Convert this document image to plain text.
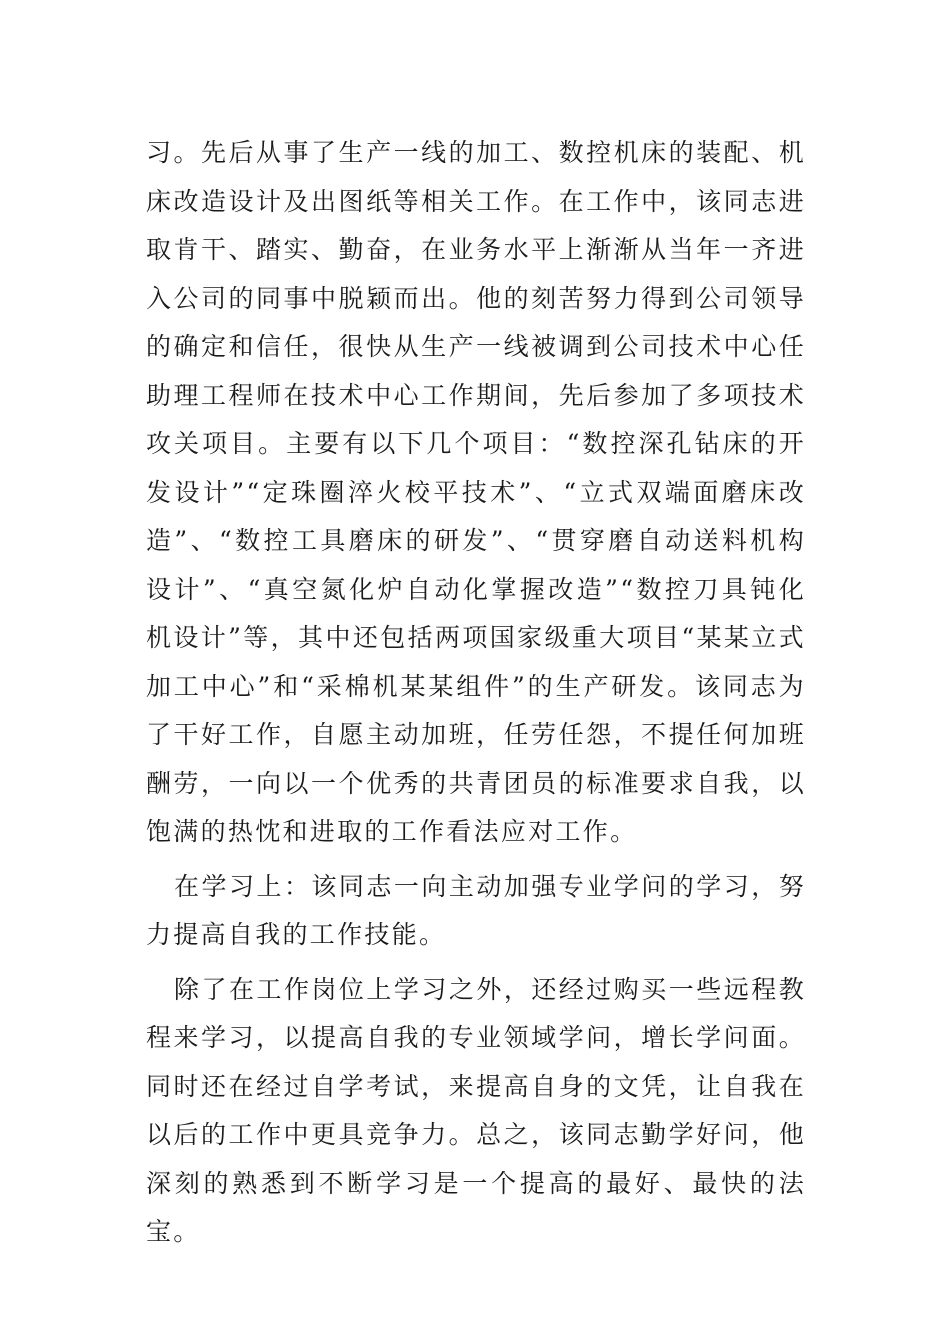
习。先后从事了生产一线的加工、数控机床的装配、机床改造设计及出图纸等相关工作。在工作中，该同志进取肯干、踏实、勤奋，在业务水平上渐渐从当年一齐进入公司的同事中脱颖而出。他的刻苦努力得到公司领导的确定和信任，很快从生产一线被调到公司技术中心任助理工程师在技术中心工作期间，先后参加了多项技术攻关项目。主要有以下几个项目：“数控深孔钻床的开发设计”“定珠圈淬火校平技术”、“立式双端面磨床改造”、“数控工具磨床的研发”、“贯穿磨自动送料机构设计”、“真空氮化炉自动化掌握改造”“数控刀具钝化机设计”等，其中还包括两项国家级重大项目“某某立式加工中心”和“采棉机某某组件”的生产研发。该同志为了干好工作，自愿主动加班，任劳任怨，不提任何加班酬劳，一向以一个优秀的共青团员的标准要求自我，以饱满的热忱和进取的工作看法应对工作。

在学习上：该同志一向主动加强专业学问的学习，努力提高自我的工作技能。

除了在工作岗位上学习之外，还经过购买一些远程教程来学习，以提高自我的专业领域学问，增长学问面。同时还在经过自学考试，来提高自身的文凭，让自我在以后的工作中更具竞争力。总之，该同志勤学好问，他深刻的熟悉到不断学习是一个提高的最好、最快的法宝。
